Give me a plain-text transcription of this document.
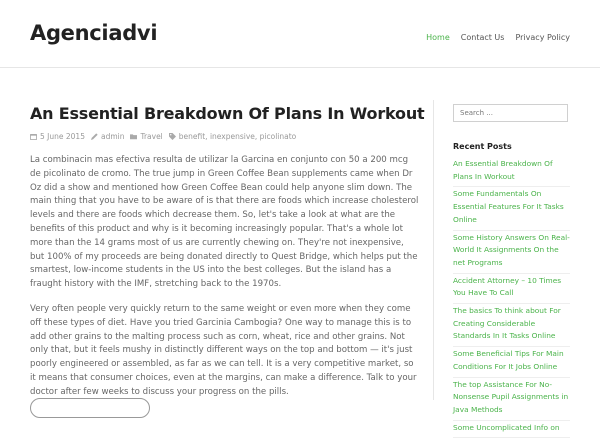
Agenciadvi	Home Contact Us Privacy Policy
An Essential Breakdown Of Plans In Workout
5 June 2015 admin Travel benefit, inexpensive, picolinato

La combinacin mas efectiva resulta de utilizar la Garcina en conjunto con 50 a 200 mcg de picolinato de cromo. The true jump in Green Coffee Bean supplements came when Dr Oz did a show and mentioned how Green Coffee Bean could help anyone slim down. The main thing that you have to be aware of is that there are foods which increase cholesterol levels and there are foods which decrease them. So, let's take a look at what are the benefits of this product and why is it becoming increasingly popular. That's a whole lot more than the 14 grams most of us are currently chewing on. They're not inexpensive, but 100% of my proceeds are being donated directly to Quest Bridge, which helps put the smartest, low-income students in the US into the best colleges. But the island has a fraught history with the IMF, stretching back to the 1970s.

Very often people very quickly return to the same weight or even more when they come off these types of diet. Have you tried Garcinia Cambogia? One way to manage this is to add other grains to the malting process such as corn, wheat, rice and other grains. Not only that, but it feels mushy in distinctly different ways on the top and bottom — it's just poorly engineered or assembled, as far as we can tell. It is a very competitive market, so it means that consumer choices, even at the margins, can make a difference. Talk to your doctor after few weeks to discuss your progress on the pills.

Search ...
Recent Posts
An Essential Breakdown Of Plans In Workout
Some Fundamentals On Essential Features For It Tasks Online
Some History Answers On Real-World It Assignments On the net Programs
Accident Attorney – 10 Times You Have To Call
The basics To think about For Creating Considerable Standards In It Tasks Online
Some Beneficial Tips For Main Conditions For It Jobs Online
The top Assistance For No-Nonsense Pupil Assignments in Java Methods
Some Uncomplicated Info on
